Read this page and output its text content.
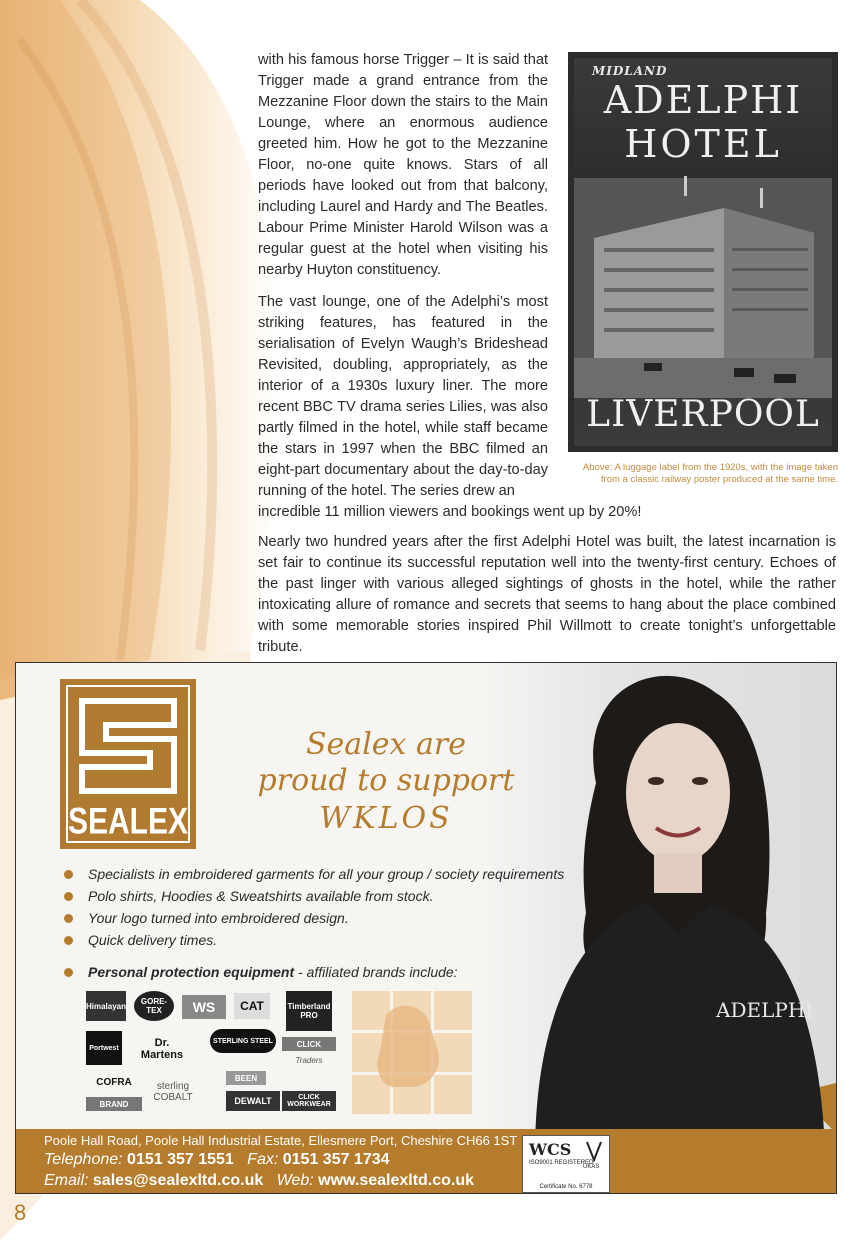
with his famous horse Trigger – It is said that Trigger made a grand entrance from the Mezzanine Floor down the stairs to the Main Lounge, where an enormous audience greeted him. How he got to the Mezzanine Floor, no-one quite knows. Stars of all periods have looked out from that balcony, including Laurel and Hardy and The Beatles. Labour Prime Minister Harold Wilson was a regular guest at the hotel when visiting his nearby Huyton constituency.

The vast lounge, one of the Adelphi’s most striking features, has featured in the serialisation of Evelyn Waugh’s Brideshead Revisited, doubling, appropriately, as the interior of a 1930s luxury liner. The more recent BBC TV drama series Lilies, was also partly filmed in the hotel, while staff became the stars in 1997 when the BBC filmed an eight-part documentary about the day-to-day running of the hotel. The series drew an

incredible 11 million viewers and bookings went up by 20%!

Nearly two hundred years after the first Adelphi Hotel was built, the latest incarnation is set fair to continue its successful reputation well into the twenty-first century. Echoes of the past linger with various alleged sightings of ghosts in the hotel, while the rather intoxicating allure of romance and secrets that seems to hang about the place combined with some memorable stories inspired Phil Willmott to create tonight’s unforgettable tribute.

MIDLAND
ADELPHI
HOTEL
LIVERPOOL

Above: A luggage label from the 1920s, with the image taken
from a classic railway poster produced at the same time.

SEALEX

Sealex are
proud to support
WKLOS

Specialists in embroidered garments for all your group / society requirements
Polo shirts, Hoodies & Sweatshirts available from stock.
Your logo turned into embroidered design.
Quick delivery times.

Personal protection equipment - affiliated brands include:

Himalayan	GORE-TEX	WS	CAT	Timberland PRO
Portwest	Dr. Martens
STERLING STEEL	CLICK
Traders
COFRA	sterling COBALT
BEEN
DEWALT
BRAND
CLICK WORKWEAR
ADELPHI

Poole Hall Road, Poole Hall Industrial Estate, Ellesmere Port, Cheshire CH66 1ST

Telephone: 0151 357 1551 Fax: 0151 357 1734

Email: sales@sealexltd.co.uk Web: www.sealexltd.co.uk

WCS
ISO9001 REGISTERED
UKAS
Certificate No. 6778

8
